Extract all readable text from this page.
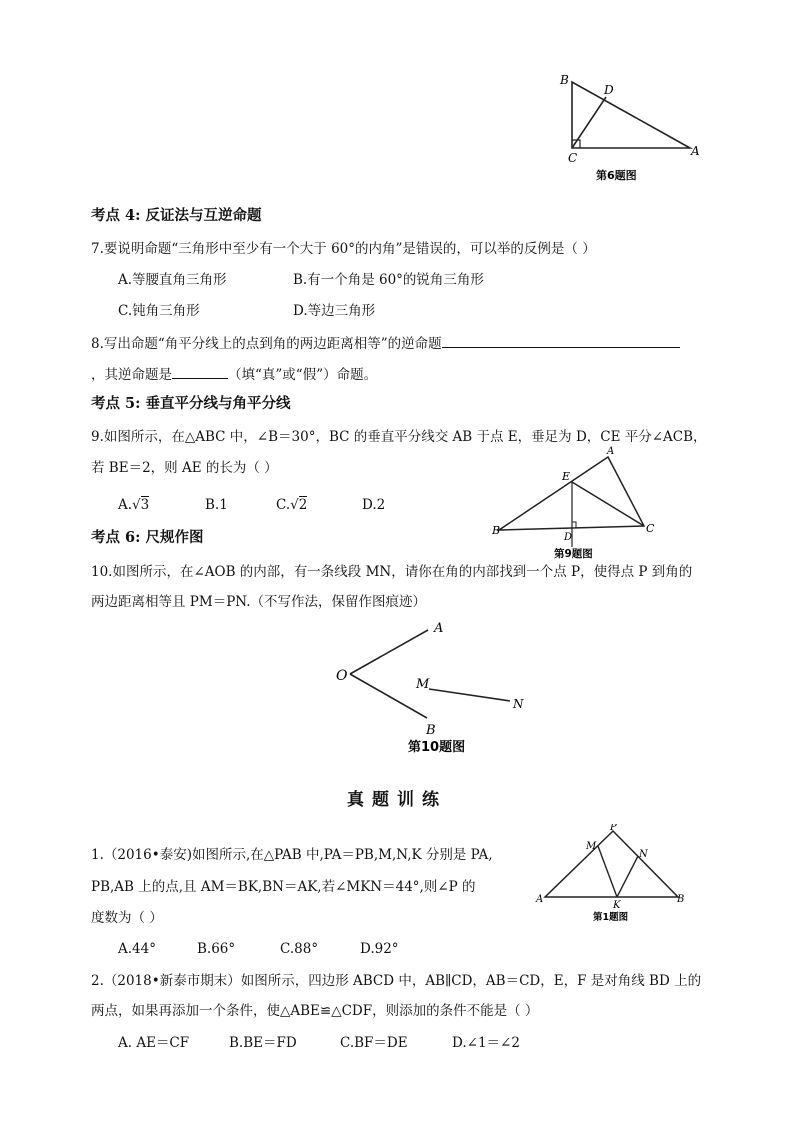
B
D
C	A
第6题图
考点 4: 反证法与互逆命题
7.要说明命题“三角形中至少有一个大于 60°的内角”是错误的，可以举的反例是（ ）
A.等腰直角三角形	B.有一个角是 60°的锐角三角形
C.钝角三角形	D.等边三角形
8.写出命题“角平分线上的点到角的两边距离相等”的逆命题
，其逆命题是	（填“真”或“假”）命题。
考点 5: 垂直平分线与角平分线
9.如图所示，在△ABC 中，∠B＝30°，BC 的垂直平分线交 AB 于点 E，垂足为 D，CE 平分∠ACB，
若 BE＝2，则 AE 的长为（ ）
A.√3	B.1	C.√2	D.2
A
E
B
D
C
第9题图
考点 6: 尺规作图
10.如图所示，在∠AOB 的内部，有一条线段 MN，请你在角的内部找到一个点 P，使得点 P 到角的
两边距离相等且 PM＝PN.（不写作法，保留作图痕迹）
A
O
M
N
B
第10题图
真题训练
1.（2016•泰安)如图所示,在△PAB 中,PA＝PB,M,N,K 分别是 PA,
PB,AB 上的点,且 AM＝BK,BN＝AK,若∠MKN＝44°,则∠P 的
度数为（ ）
A.44°	B.66°	C.88°	D.92°
P
M
N
A
K
B
第1题图
2.（2018•新泰市期末）如图所示，四边形 ABCD 中，AB∥CD，AB＝CD，E，F 是对角线 BD 上的
两点，如果再添加一个条件，使△ABE≌△CDF，则添加的条件不能是（ ）
A. AE＝CF	B.BE＝FD	C.BF＝DE	D.∠1＝∠2
